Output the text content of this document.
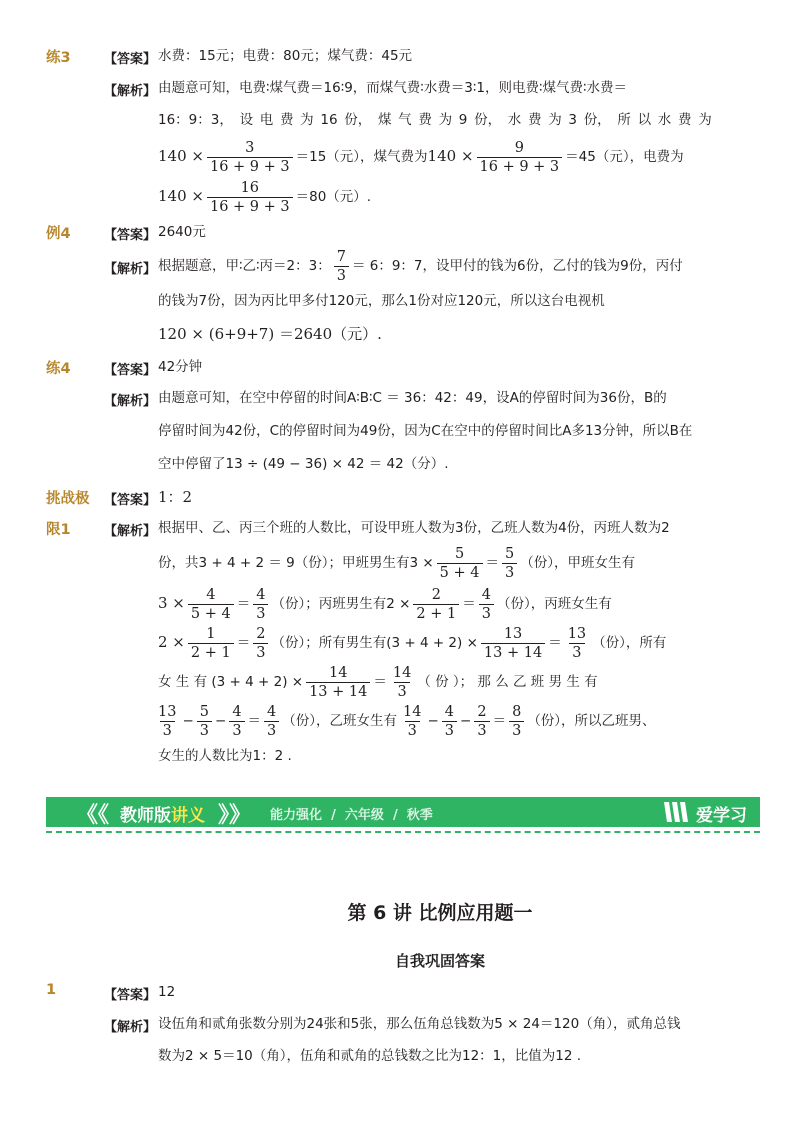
练3	【答案】 水费：15元；电费：80元；煤气费：45元
【解析】 由题意可知，电费∶煤气费＝16∶9，而煤气费∶水费＝3∶1，则电费∶煤气费∶水费＝
16：9：3， 设 电 费 为 16 份， 煤 气 费 为 9 份， 水 费 为 3 份， 所 以 水 费 为
$140 \times \frac{3}{16 + 9 + 3} =15$（元），煤气费为$140 \times \frac{9}{16 + 9 + 3} =45$（元），电费为
$140 \times \frac{16}{16 + 9 + 3} =80$（元）.
例4	【答案】 2640元
【解析】 根据题意，甲∶乙∶丙＝2：3： $\frac{7}{3} = 6$：9：7，设甲付的钱为6份，乙付的钱为9份，丙付
的钱为7份，因为丙比甲多付120元，那么1份对应120元，所以这台电视机
120 × (6+9+7) ＝2640（元）.
练4	【答案】 42分钟
【解析】 由题意可知，在空中停留的时间A∶B∶C ＝ 36：42：49，设A的停留时间为36份，B的
停留时间为42份，C的停留时间为49份，因为C在空中的停留时间比A多13分钟，所以B在
空中停留了13 ÷ (49 − 36) × 42 ＝ 42（分）.
挑战极
限1
【答案】 1：2
【解析】 根据甲、乙、丙三个班的人数比，可设甲班人数为3份，乙班人数为4份，丙班人数为2
份，共3 + 4 + 2 ＝ 9（份）；甲班男生有$3 \times \frac{5}{5 + 4} = \frac{5}{3}$ （份），甲班女生有
$3 \times \frac{4}{5 + 4} = \frac{4}{3}$ （份）；丙班男生有$2 \times \frac{2}{2 + 1} = \frac{4}{3}$ （份），丙班女生有
$2 \times \frac{1}{2 + 1} = \frac{2}{3}$ （份）；所有男生有$(3 + 4 + 2) \times \frac{13}{13 + 14} = \frac{13}{3}$ （份），所有
女 生 有 $(3 + 4 + 2) \times \frac{14}{13 + 14} = \frac{14}{3}$ （ 份 ）； 那 么 乙 班 男 生 有
$\frac{13}{3} - \frac{5}{3} - \frac{4}{3} = \frac{4}{3}$ （份），乙班女生有 $\frac{14}{3} - \frac{4}{3} - \frac{2}{3} = \frac{8}{3}$ （份），所以乙班男、
女生的人数比为1：2 .
《《 教师版讲义 》》 能力强化 / 六年级 / 秋季	爱学习
第 6 讲 比例应用题一
自我巩固答案
1	【答案】 12
【解析】 设伍角和贰角张数分别为24张和5张，那么伍角总钱数为5 × 24＝120（角），贰角总钱
数为2 × 5＝10（角），伍角和贰角的总钱数之比为12：1，比值为12 .
